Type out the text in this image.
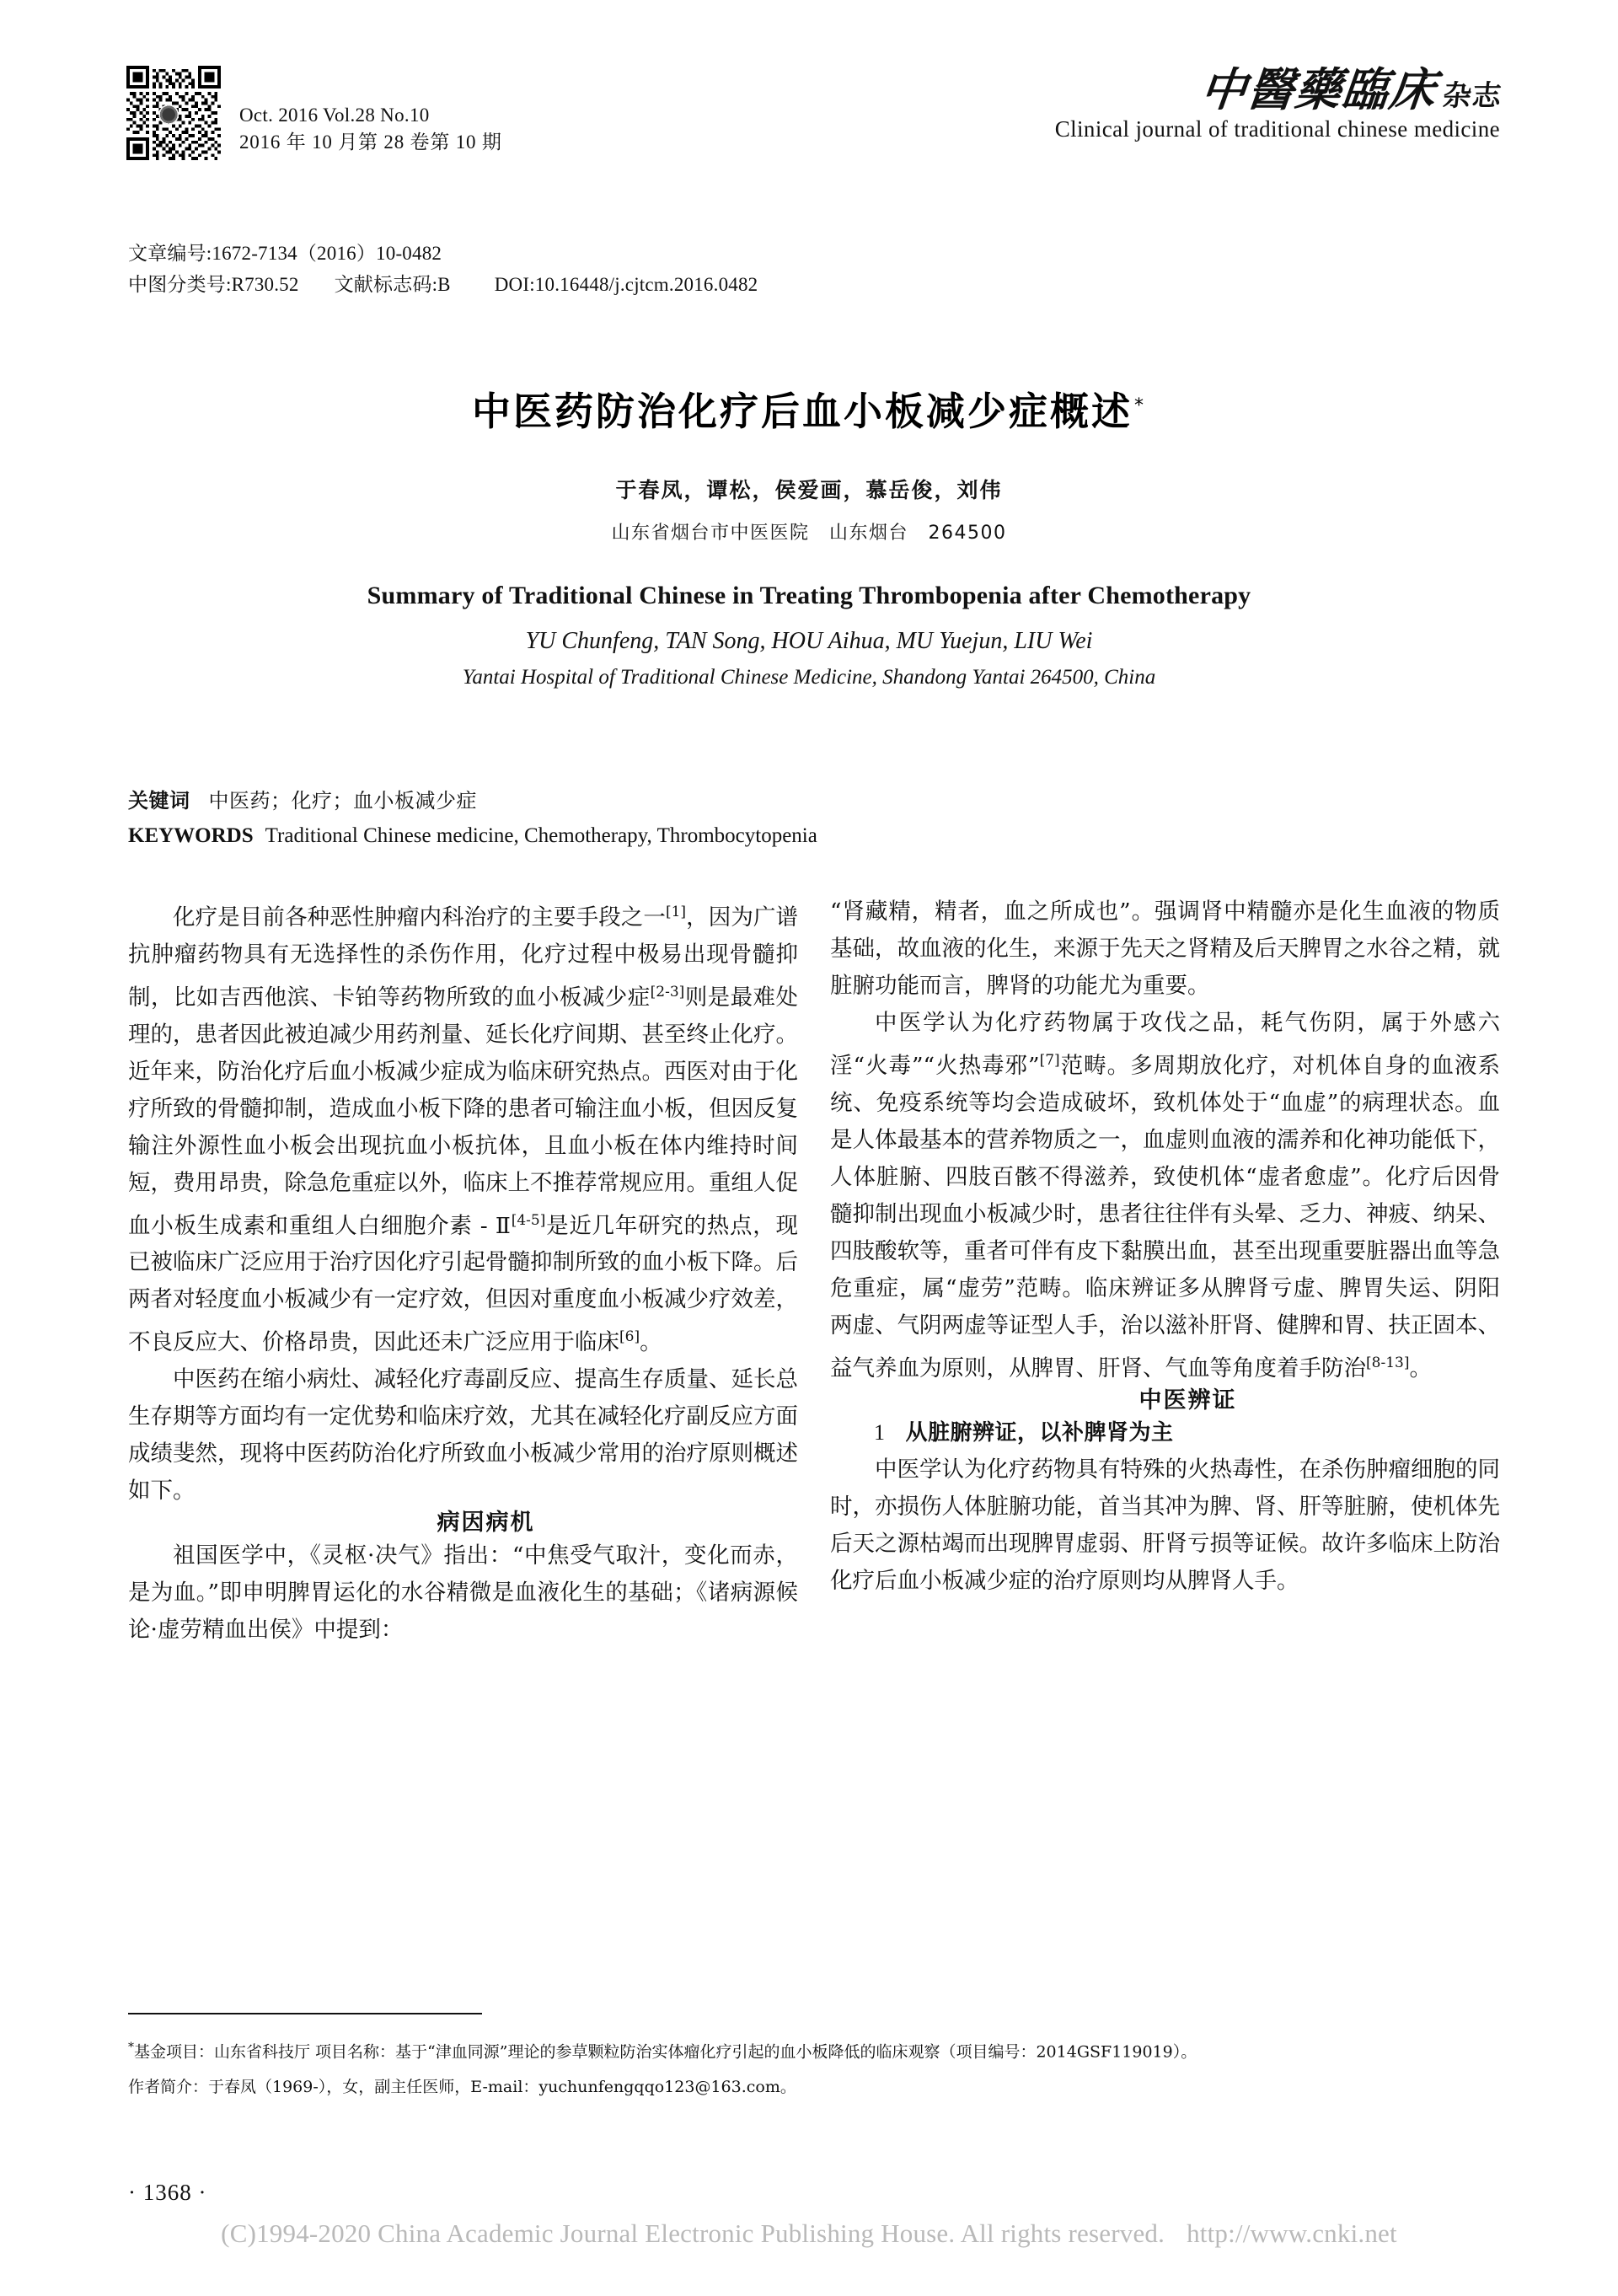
Oct. 2016 Vol.28 No.10
2016 年 10 月第 28 卷第 10 期
中醫藥臨床杂志
Clinical journal of traditional chinese medicine
文章编号:1672-7134（2016）10-0482
中图分类号:R730.52 文献标志码:B DOI:10.16448/j.cjtcm.2016.0482
中医药防治化疗后血小板减少症概述*
于春凤，谭松，侯爱画，慕岳俊，刘伟
山东省烟台市中医医院　山东烟台　264500
Summary of Traditional Chinese in Treating Thrombopenia after Chemotherapy
YU Chunfeng, TAN Song, HOU Aihua, MU Yuejun, LIU Wei
Yantai Hospital of Traditional Chinese Medicine, Shandong Yantai 264500, China
关键词 中医药；化疗；血小板减少症
KEYWORDS Traditional Chinese medicine, Chemotherapy, Thrombocytopenia

化疗是目前各种恶性肿瘤内科治疗的主要手段之一[1]，因为广谱抗肿瘤药物具有无选择性的杀伤作用，化疗过程中极易出现骨髓抑制，比如吉西他滨、卡铂等药物所致的血小板减少症[2-3]则是最难处理的，患者因此被迫减少用药剂量、延长化疗间期、甚至终止化疗。近年来，防治化疗后血小板减少症成为临床研究热点。西医对由于化疗所致的骨髓抑制，造成血小板下降的患者可输注血小板，但因反复输注外源性血小板会出现抗血小板抗体，且血小板在体内维持时间短，费用昂贵，除急危重症以外，临床上不推荐常规应用。重组人促血小板生成素和重组人白细胞介素 - Ⅱ[4-5]是近几年研究的热点，现已被临床广泛应用于治疗因化疗引起骨髓抑制所致的血小板下降。后两者对轻度血小板减少有一定疗效，但因对重度血小板减少疗效差，不良反应大、价格昂贵，因此还未广泛应用于临床[6]。

中医药在缩小病灶、减轻化疗毒副反应、提高生存质量、延长总生存期等方面均有一定优势和临床疗效，尤其在减轻化疗副反应方面成绩斐然，现将中医药防治化疗所致血小板减少常用的治疗原则概述如下。

病因病机

祖国医学中，《灵枢·决气》指出：“中焦受气取汁，变化而赤，是为血。”即申明脾胃运化的水谷精微是血液化生的基础；《诸病源候论·虚劳精血出侯》中提到：

“肾藏精，精者，血之所成也”。强调肾中精髓亦是化生血液的物质基础，故血液的化生，来源于先天之肾精及后天脾胃之水谷之精，就脏腑功能而言，脾肾的功能尤为重要。

中医学认为化疗药物属于攻伐之品，耗气伤阴，属于外感六淫“火毒”“火热毒邪”[7]范畴。多周期放化疗，对机体自身的血液系统、免疫系统等均会造成破坏，致机体处于“血虚”的病理状态。血是人体最基本的营养物质之一，血虚则血液的濡养和化神功能低下，人体脏腑、四肢百骸不得滋养，致使机体“虚者愈虚”。化疗后因骨髓抑制出现血小板减少时，患者往往伴有头晕、乏力、神疲、纳呆、四肢酸软等，重者可伴有皮下黏膜出血，甚至出现重要脏器出血等急危重症，属“虚劳”范畴。临床辨证多从脾肾亏虚、脾胃失运、阴阳两虚、气阴两虚等证型人手，治以滋补肝肾、健脾和胃、扶正固本、益气养血为原则，从脾胃、肝肾、气血等角度着手防治[8-13]。

中医辨证

1 从脏腑辨证，以补脾肾为主

中医学认为化疗药物具有特殊的火热毒性，在杀伤肿瘤细胞的同时，亦损伤人体脏腑功能，首当其冲为脾、肾、肝等脏腑，使机体先后天之源枯竭而出现脾胃虚弱、肝肾亏损等证候。故许多临床上防治化疗后血小板减少症的治疗原则均从脾肾人手。

*基金项目：山东省科技厅 项目名称：基于“津血同源”理论的参草颗粒防治实体瘤化疗引起的血小板降低的临床观察（项目编号：2014GSF119019）。

作者简介：于春凤（1969-），女，副主任医师，E-mail：yuchunfengqqo123@163.com。

· 1368 ·
(C)1994-2020 China Academic Journal Electronic Publishing House. All rights reserved. http://www.cnki.net
